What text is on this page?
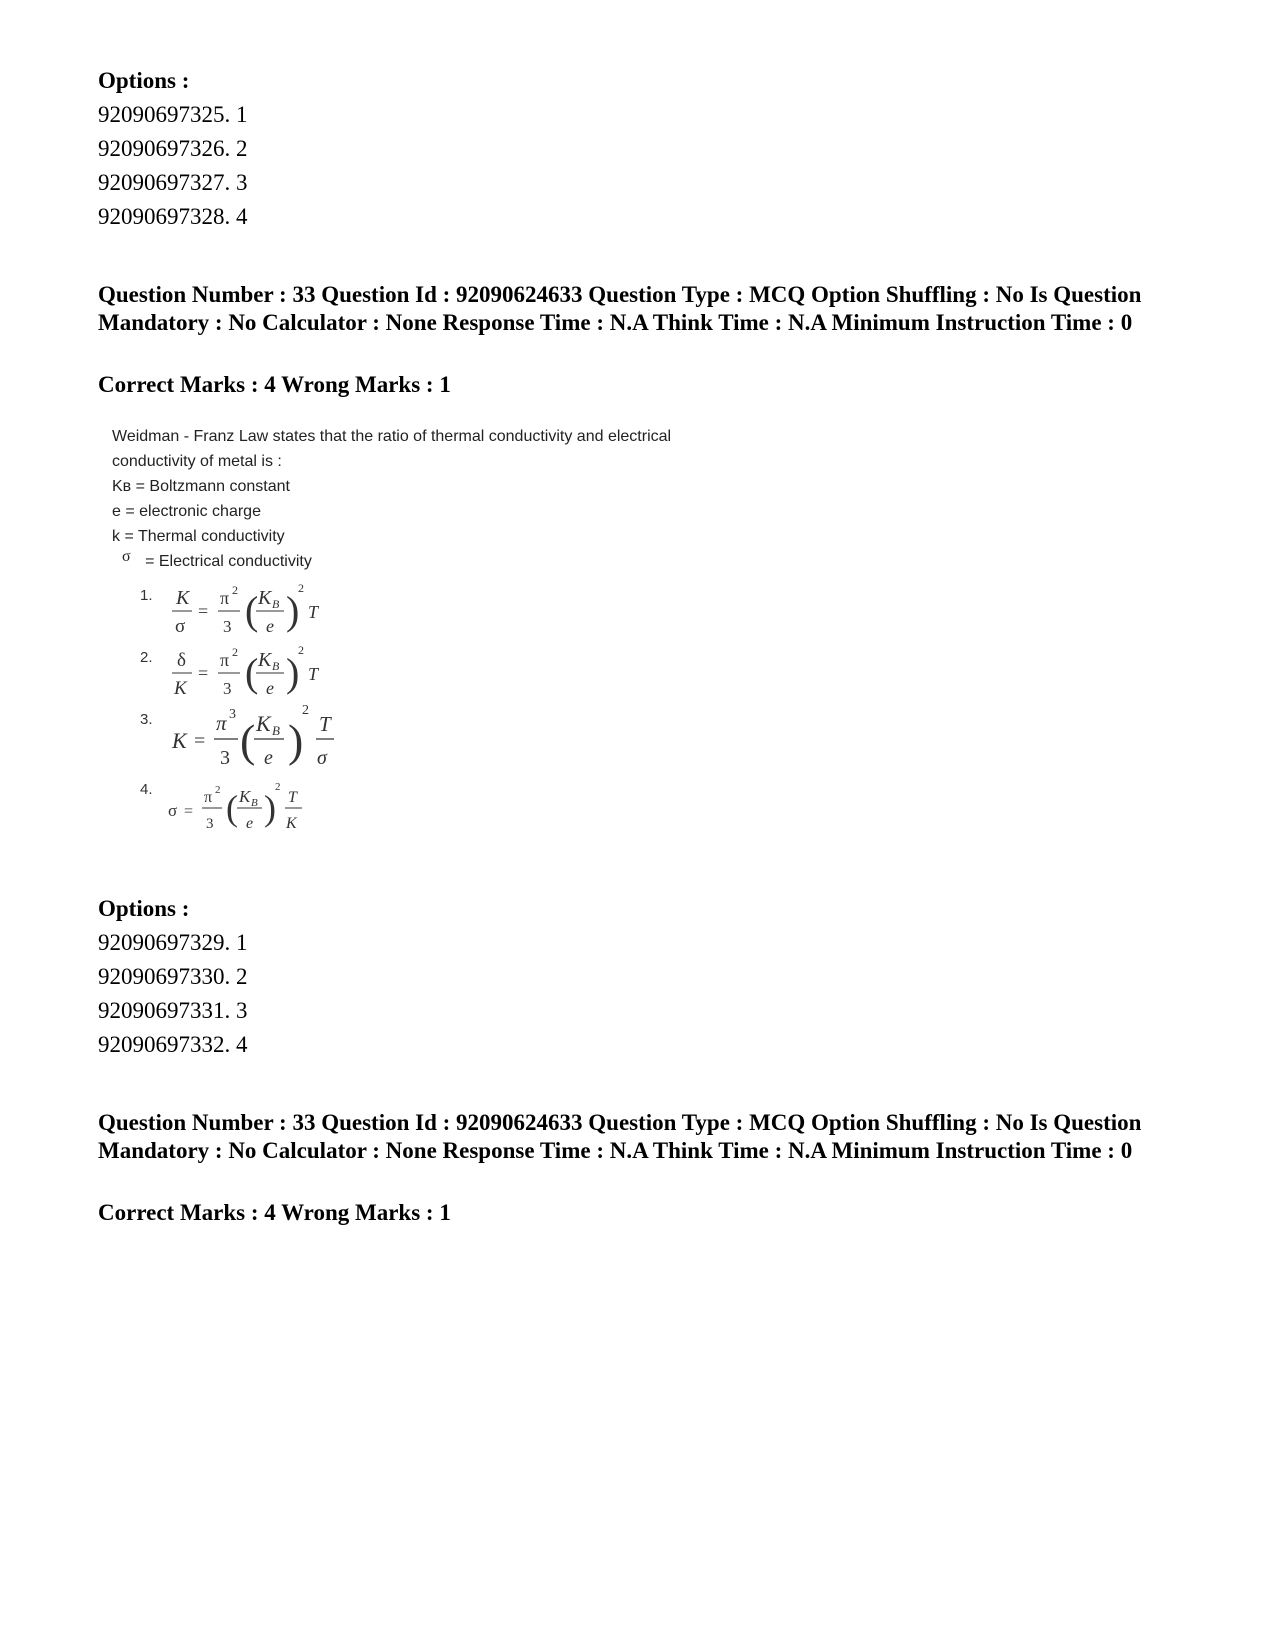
Options :
92090697325. 1
92090697326. 2
92090697327. 3
92090697328. 4
Question Number : 33 Question Id : 92090624633 Question Type : MCQ Option Shuffling : No Is Question Mandatory : No Calculator : None Response Time : N.A Think Time : N.A Minimum Instruction Time : 0
Correct Marks : 4 Wrong Marks : 1
Weidman - Franz Law states that the ratio of thermal conductivity and electrical
conductivity of metal is :
Kʙ = Boltzmann constant
e = electronic charge
k = Thermal conductivity
σ = Electrical conductivity
1. K
σ
=
π 2
3 ( K B
e )
2
T
2. δ
K
=
π 2
3 ( K B
e )
2
T
3.
K =
π 3
3 ( K B
e )
2
T
σ
4.
σ =
π 2
3 ( K B
e )
2
T
K
Options :
92090697329. 1
92090697330. 2
92090697331. 3
92090697332. 4
Question Number : 33 Question Id : 92090624633 Question Type : MCQ Option Shuffling : No Is Question Mandatory : No Calculator : None Response Time : N.A Think Time : N.A Minimum Instruction Time : 0
Correct Marks : 4 Wrong Marks : 1
